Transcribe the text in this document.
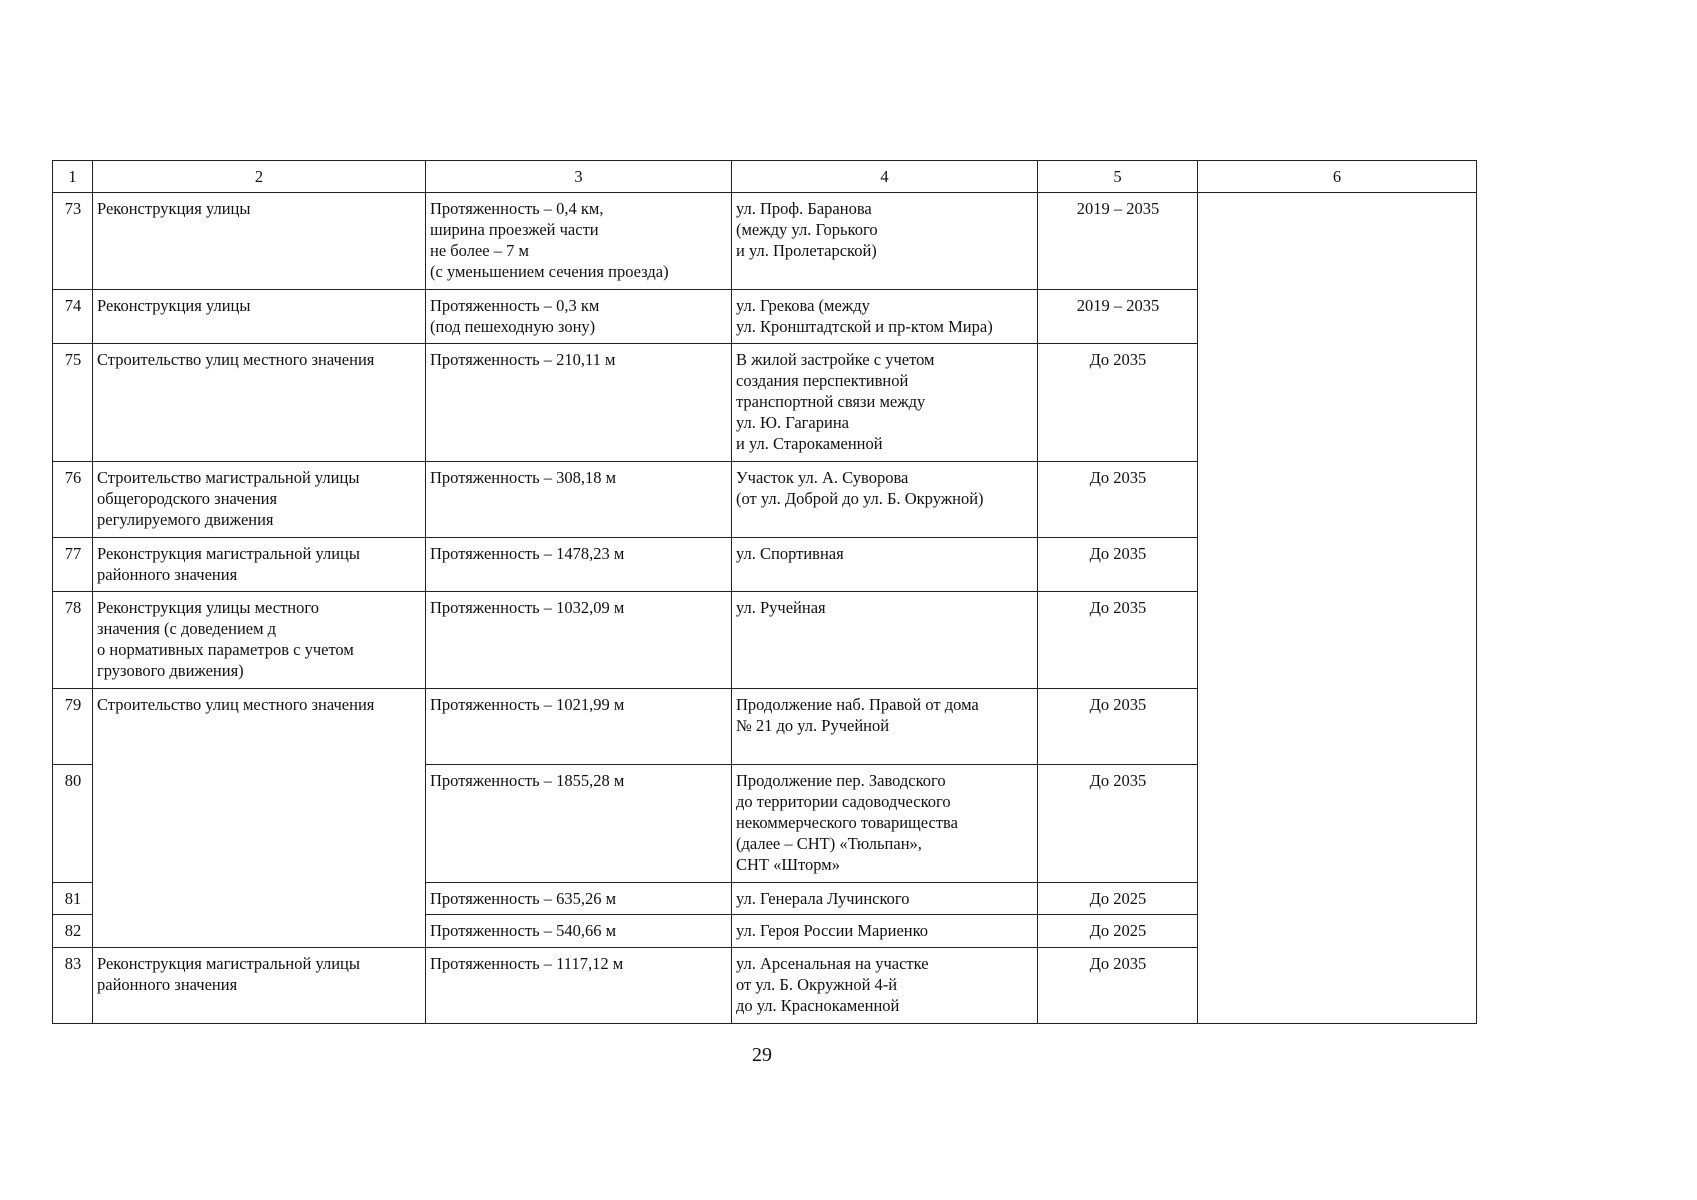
1	2	3	4	5	6
73	Реконструкция улицы	Протяженность – 0,4 км,
ширина проезжей части
не более – 7 м
(с уменьшением сечения проезда)	ул. Проф. Баранова
(между ул. Горького
и ул. Пролетарской)	2019 – 2035	
74	Реконструкция улицы	Протяженность – 0,3 км
(под пешеходную зону)	ул. Грекова (между
ул. Кронштадтской и пр-ктом Мира)	2019 – 2035	
75	Строительство улиц местного значения	Протяженность – 210,11 м	В жилой застройке с учетом
создания перспективной
транспортной связи между
ул. Ю. Гагарина
и ул. Старокаменной	До 2035	
76	Строительство магистральной улицы
общегородского значения
регулируемого движения	Протяженность – 308,18 м	Участок ул. А. Суворова
(от ул. Доброй до ул. Б. Окружной)	До 2035	
77	Реконструкция магистральной улицы
районного значения	Протяженность – 1478,23 м	ул. Спортивная	До 2035	
78	Реконструкция улицы местного
значения (с доведением д
о нормативных параметров с учетом
грузового движения)	Протяженность – 1032,09 м	ул. Ручейная	До 2035	
79	Строительство улиц местного значения	Протяженность – 1021,99 м	Продолжение наб. Правой от дома
№ 21 до ул. Ручейной	До 2035	
80		Протяженность – 1855,28 м	Продолжение пер. Заводского
до территории садоводческого
некоммерческого товарищества
(далее – СНТ) «Тюльпан»,
СНТ «Шторм»	До 2035	
81		Протяженность – 635,26 м	ул. Генерала Лучинского	До 2025	
82		Протяженность – 540,66 м	ул. Героя России Мариенко	До 2025	
83	Реконструкция магистральной улицы
районного значения	Протяженность – 1117,12 м	ул. Арсенальная на участке
от ул. Б. Окружной 4-й
до ул. Краснокаменной	До 2035	
29
